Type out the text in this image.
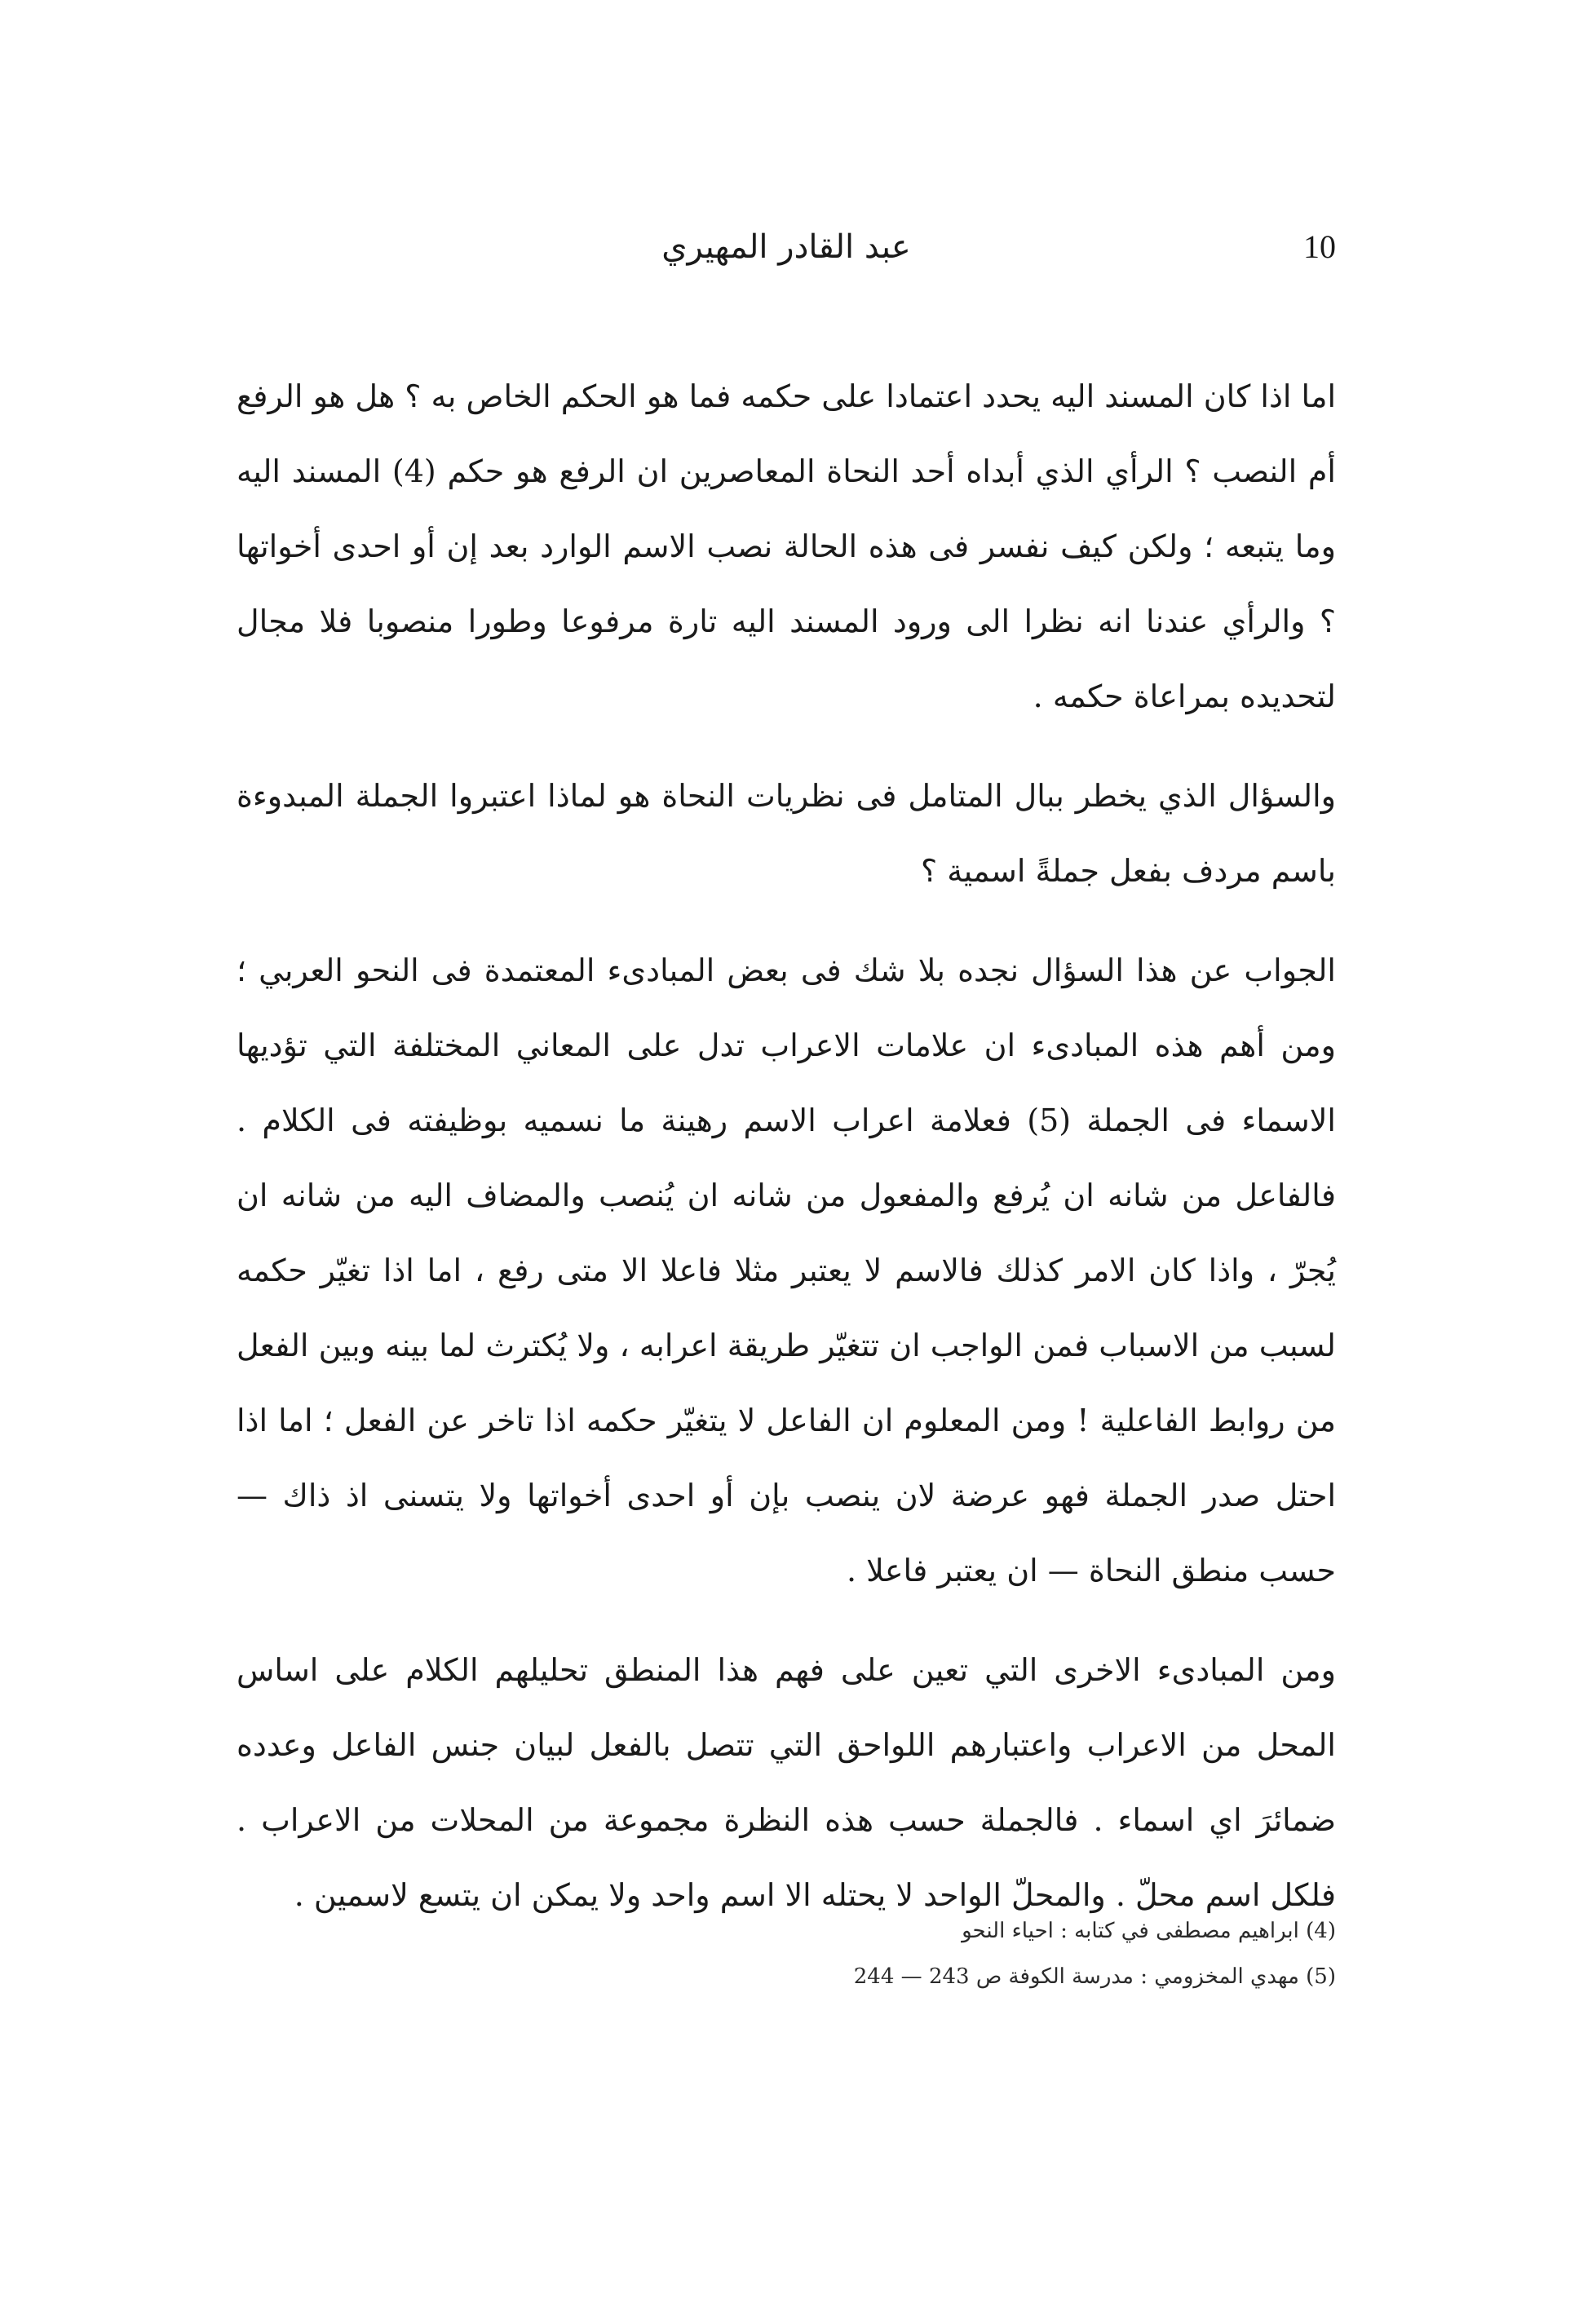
10
عبد القادر المهيري

اما اذا كان المسند اليه يحدد اعتمادا على حكمه فما هو الحكم الخاص به ؟ هل هو الرفع أم النصب ؟ الرأي الذي أبداه أحد النحاة المعاصرين ان الرفع هو حكم (4) المسند اليه وما يتبعه ؛ ولكن كيف نفسر فى هذه الحالة نصب الاسم الوارد بعد إن أو احدى أخواتها ؟ والرأي عندنا انه نظرا الى ورود المسند اليه تارة مرفوعا وطورا منصوبا فلا مجال لتحديده بمراعاة حكمه .

والسؤال الذي يخطر ببال المتامل فى نظريات النحاة هو لماذا اعتبروا الجملة المبدوءة باسم مردف بفعل جملةً اسمية ؟

الجواب عن هذا السؤال نجده بلا شك فى بعض المبادىء المعتمدة فى النحو العربي ؛ ومن أهم هذه المبادىء ان علامات الاعراب تدل على المعاني المختلفة التي تؤديها الاسماء فى الجملة (5) فعلامة اعراب الاسم رهينة ما نسميه بوظيفته فى الكلام . فالفاعل من شانه ان يُرفع والمفعول من شانه ان يُنصب والمضاف اليه من شانه ان يُجرّ ، واذا كان الامر كذلك فالاسم لا يعتبر مثلا فاعلا الا متى رفع ، اما اذا تغيّر حكمه لسبب من الاسباب فمن الواجب ان تتغيّر طريقة اعرابه ، ولا يُكترث لما بينه وبين الفعل من روابط الفاعلية ! ومن المعلوم ان الفاعل لا يتغيّر حكمه اذا تاخر عن الفعل ؛ اما اذا احتل صدر الجملة فهو عرضة لان ينصب بإن أو احدى أخواتها ولا يتسنى اذ ذاك — حسب منطق النحاة — ان يعتبر فاعلا .

ومن المبادىء الاخرى التي تعين على فهم هذا المنطق تحليلهم الكلام على اساس المحل من الاعراب واعتبارهم اللواحق التي تتصل بالفعل لبيان جنس الفاعل وعدده ضمائرَ اي اسماء . فالجملة حسب هذه النظرة مجموعة من المحلات من الاعراب . فلكل اسم محلّ . والمحلّ الواحد لا يحتله الا اسم واحد ولا يمكن ان يتسع لاسمين .

(4) ابراهيم مصطفى في كتابه : احياء النحو
(5) مهدي المخزومي : مدرسة الكوفة ص 243 — 244
